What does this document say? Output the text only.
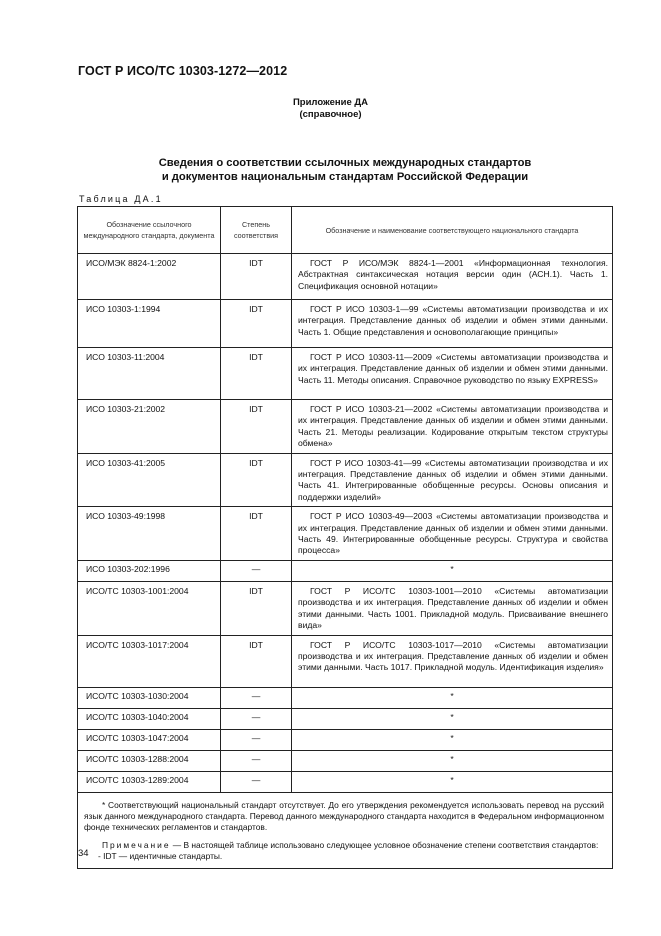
ГОСТ Р ИСО/ТС 10303-1272—2012
Приложение ДА
(справочное)
Сведения о соответствии ссылочных международных стандартов
и документов национальным стандартам Российской Федерации
Таблица ДА.1
Обозначение ссылочного международного стандарта, документа	Степень соответствия	Обозначение и наименование соответствующего национального стандарта
ИСО/МЭК 8824-1:2002	IDT	ГОСТ Р ИСО/МЭК 8824-1—2001 «Информационная технология. Абстрактная синтаксическая нотация версии один (АСН.1). Часть 1. Спецификация основной нотации»

ИСО 10303-1:1994	IDT	ГОСТ Р ИСО 10303-1—99 «Системы автоматизации производства и их интеграция. Представление данных об изделии и обмен этими данными. Часть 1. Общие представления и основополагающие принципы»

ИСО 10303-11:2004	IDT	ГОСТ Р ИСО 10303-11—2009 «Системы автоматизации производства и их интеграция. Представление данных об изделии и обмен этими данными. Часть 11. Методы описания. Справочное руководство по языку EXPRESS»

ИСО 10303-21:2002	IDT	ГОСТ Р ИСО 10303-21—2002 «Системы автоматизации производства и их интеграция. Представление данных об изделии и обмен этими данными. Часть 21. Методы реализации. Кодирование открытым текстом структуры обмена»

ИСО 10303-41:2005	IDT	ГОСТ Р ИСО 10303-41—99 «Системы автоматизации производства и их интеграция. Представление данных об изделии и обмен этими данными. Часть 41. Интегрированные обобщенные ресурсы. Основы описания и поддержки изделий»

ИСО 10303-49:1998	IDT	ГОСТ Р ИСО 10303-49—2003 «Системы автоматизации производства и их интеграция. Представление данных об изделии и обмен этими данными. Часть 49. Интегрированные обобщенные ресурсы. Структура и свойства процесса»

ИСО 10303-202:1996	—	*
ИСО/ТС 10303-1001:2004	IDT	ГОСТ Р ИСО/ТС 10303-1001—2010 «Системы автоматизации производства и их интеграция. Представление данных об изделии и обмен этими данными. Часть 1001. Прикладной модуль. Присваивание внешнего вида»

ИСО/ТС 10303-1017:2004	IDT	ГОСТ Р ИСО/ТС 10303-1017—2010 «Системы автоматизации производства и их интеграция. Представление данных об изделии и обмен этими данными. Часть 1017. Прикладной модуль. Идентификация изделия»

ИСО/ТС 10303-1030:2004	—	*
ИСО/ТС 10303-1040:2004	—	*
ИСО/ТС 10303-1047:2004	—	*
ИСО/ТС 10303-1288:2004	—	*
ИСО/ТС 10303-1289:2004	—	*

* Соответствующий национальный стандарт отсутствует. До его утверждения рекомендуется использовать перевод на русский язык данного международного стандарта. Перевод данного международного стандарта находится в Федеральном информационном фонде технических регламентов и стандартов.

Примечание — В настоящей таблице использовано следующее условное обозначение степени соответствия стандартов:

- IDT — идентичные стандарты.		

34
